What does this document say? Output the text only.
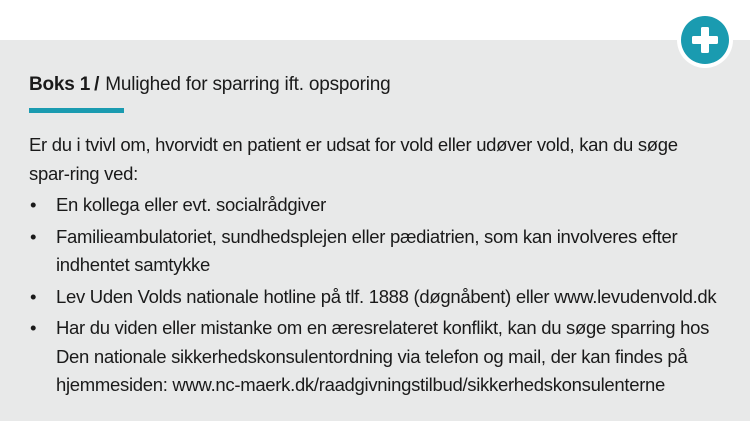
Boks 1 / Mulighed for sparring ift. opsporing

Er du i tvivl om, hvorvidt en patient er udsat for vold eller udøver vold, kan du søge spar-ring ved:

• En kollega eller evt. socialrådgiver
• Familieambulatoriet, sundhedsplejen eller pædiatrien, som kan involveres efter indhentet samtykke
• Lev Uden Volds nationale hotline på tlf. 1888 (døgnåbent) eller www.levudenvold.dk
• Har du viden eller mistanke om en æresrelateret konflikt, kan du søge sparring hos Den nationale sikkerhedskonsulentordning via telefon og mail, der kan findes på hjemmesiden: www.nc-maerk.dk/raadgivningstilbud/sikkerhedskonsulenterne
